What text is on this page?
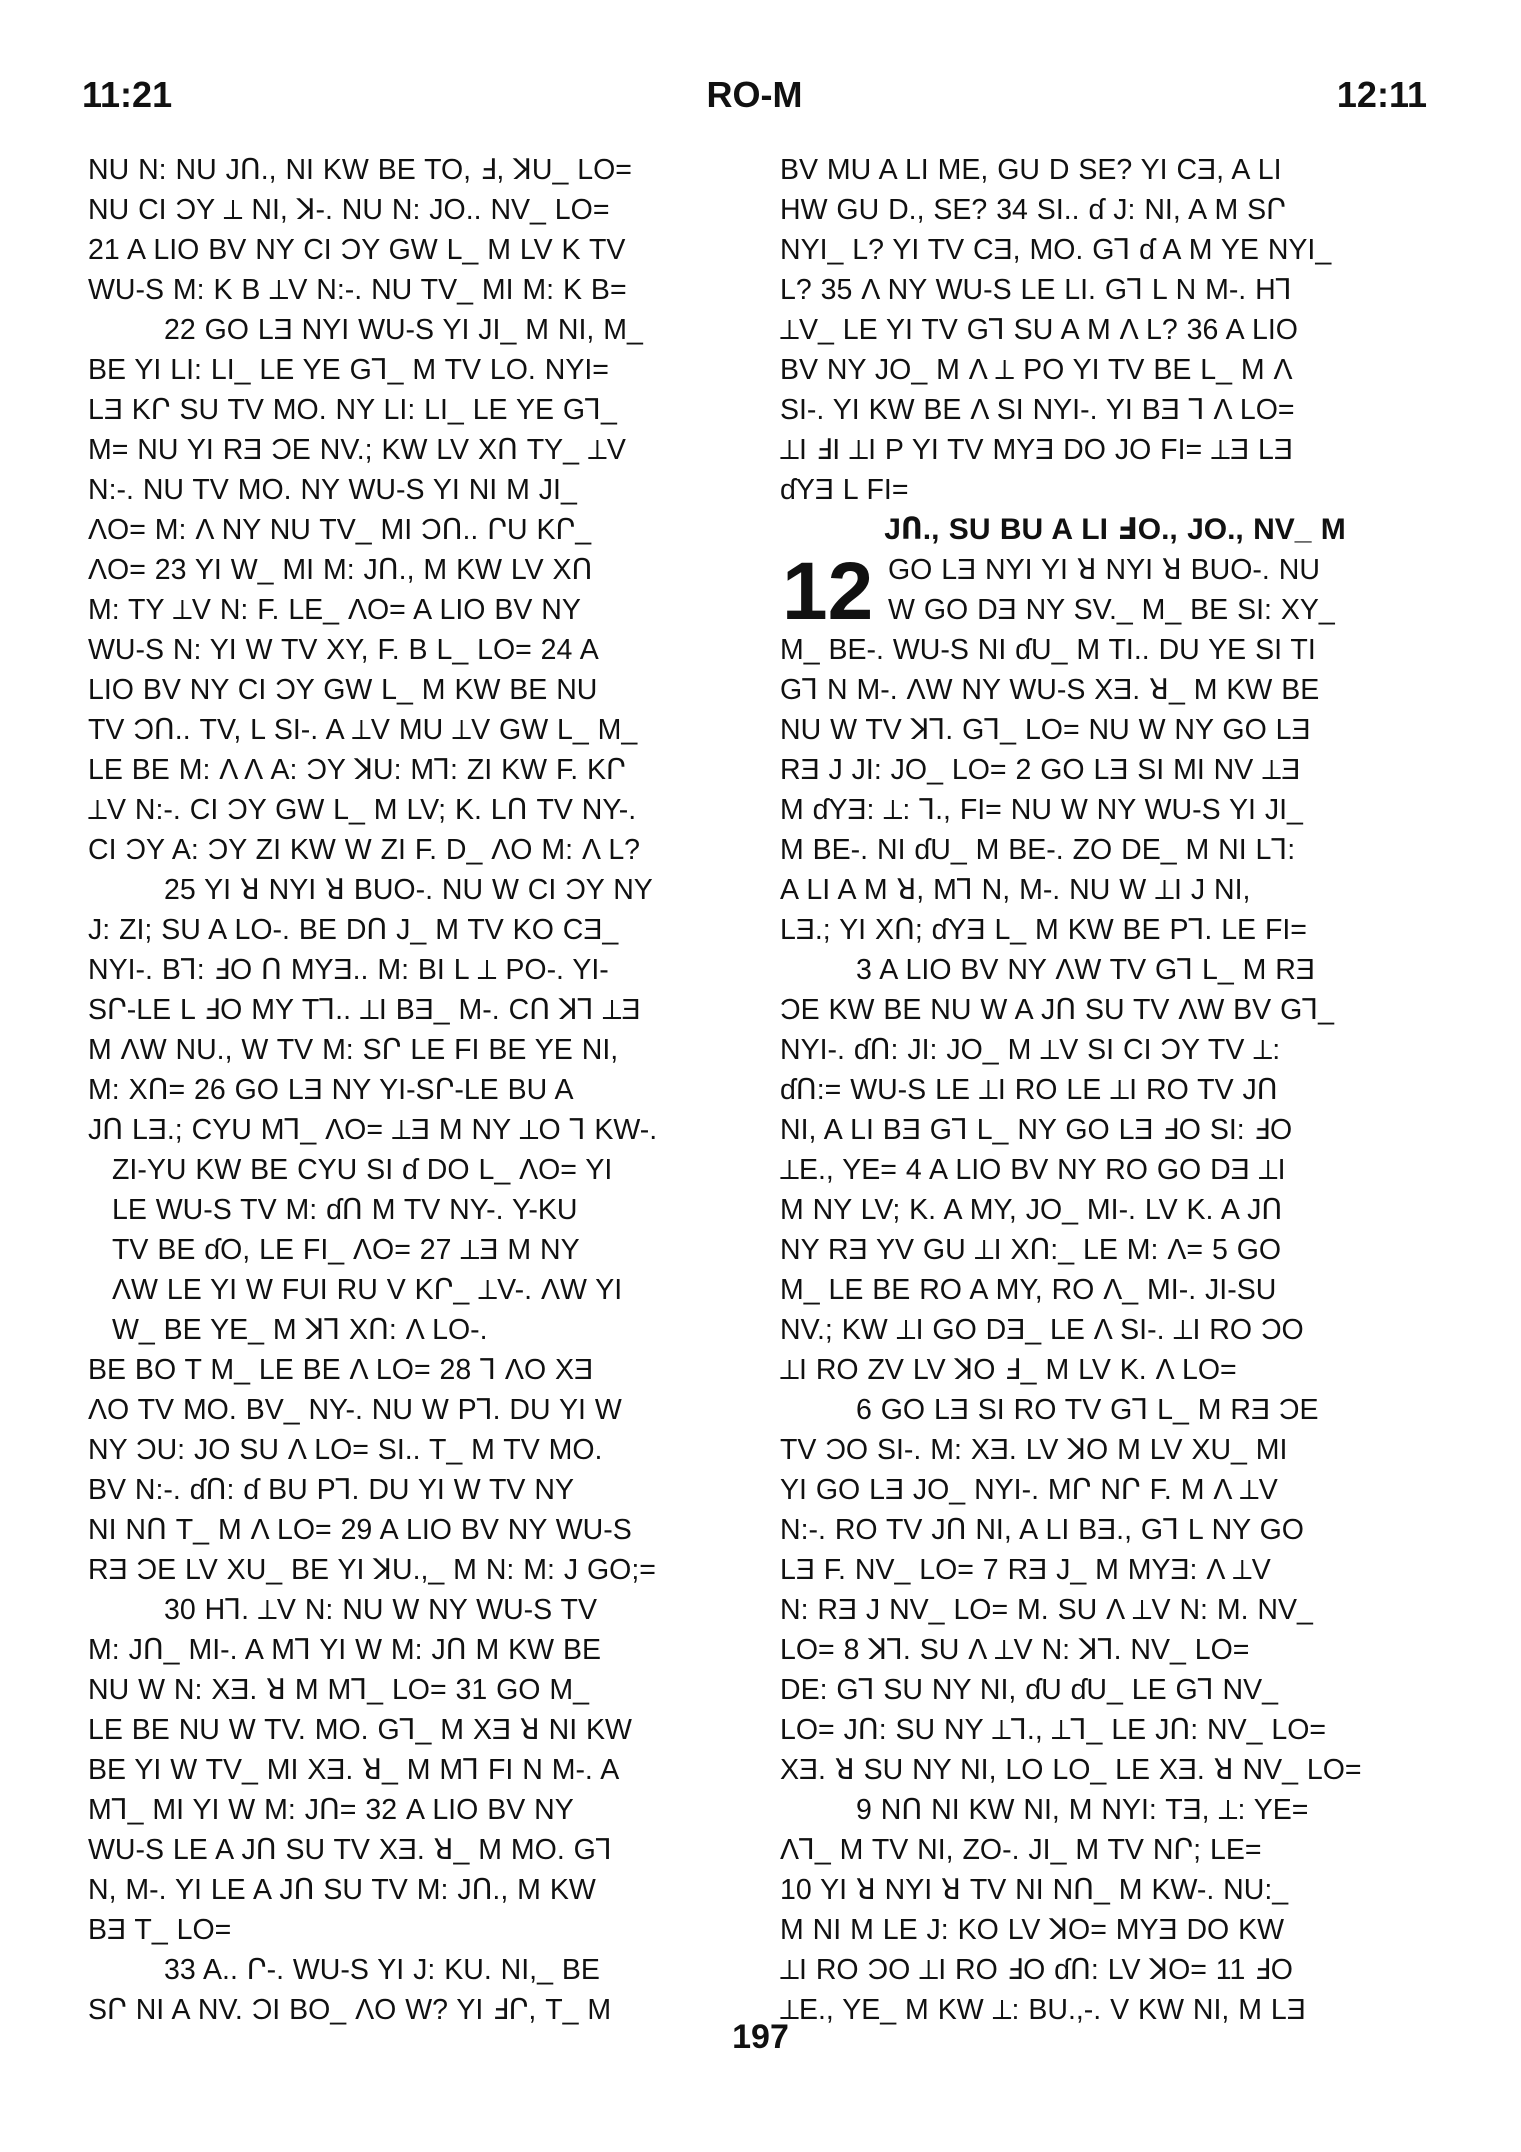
11:21	RO-M	12:11
NU N: NU JՈ., NI KW BE TO, Ⅎ, ꓘU_ LO=
NU CI ƆY ⟂ NI, ꓘ-. NU N: JO.. NV_ LO=
21 A LIO BV NY CI ƆY GW L_ M LV K TV
WU-S M: K B ⟂V N:-. NU TV_ MI M: K B=
22 GO LƎ NYI WU-S YI JI_ M NI, M_
BE YI LI: LI_ LE YE G⅂_ M TV LO. NYI=
LƎ KՐ SU TV MO. NY LI: LI_ LE YE G⅂_
M= NU YI RƎ ƆE NV.; KW LV XՈ TY_ ⟂V
N:-. NU TV MO. NY WU-S YI NI M JI_
ΛO= M: Λ NY NU TV_ MI ƆՈ.. ՐU KՐ_
ΛO= 23 YI W_ MI M: JՈ., M KW LV XՈ
M: TY ⟂V N: F. LE_ ΛO= A LIO BV NY
WU-S N: YI W TV XY, F. B L_ LO= 24 A
LIO BV NY CI ƆY GW L_ M KW BE NU
TV ƆՈ.. TV, L SI-. A ⟂V MU ⟂V GW L_ M_
LE BE M: Λ Λ A: ƆY ꓘU: M⅂: ZI KW F. KՐ
⟂V N:-. CI ƆY GW L_ M LV; K. LՈ TV NY-.
CI ƆY A: ƆY ZI KW W ZI F. D_ ΛO M: Λ L?
25 YI ꓤ NYI ꓤ BUO-. NU W CI ƆY NY
J: ZI; SU A LO-. BE DՈ J_ M TV KO CƎ_
NYI-. B⅂: ℲO Ո MYƎ.. M: BI L ⟂ PO-. YI-
SՐ-LE L ℲO MY T⅂.. ⟂I BƎ_ M-. CՈ ꓘ⅂ ⟂Ǝ
M ΛW NU., W TV M: SՐ LE FI BE YE NI,
M: XՈ= 26 GO LƎ NY YI-SՐ-LE BU A
JՈ LƎ.; CYU M⅂_ ΛO= ⟂Ǝ M NY ⟂O ⅂ KW-.
ZI-YU KW BE CYU SI ɗ DO L_ ΛO= YI
LE WU-S TV M: ɗՈ M TV NY-. Y-KU
TV BE ɗO, LE FI_ ΛO= 27 ⟂Ǝ M NY
ΛW LE YI W FUI RU V KՐ_ ⟂V-. ΛW YI
W_ BE YE_ M ꓘ⅂ XՈ: Λ LO-.
BE BO T M_ LE BE Λ LO= 28 ⅂ ΛO XƎ
ΛO TV MO. BV_ NY-. NU W P⅂. DU YI W
NY ƆU: JO SU Λ LO= SI.. T_ M TV MO.
BV N:-. ɗՈ: ɗ BU P⅂. DU YI W TV NY
NI NՈ T_ M Λ LO= 29 A LIO BV NY WU-S
RƎ ƆE LV XU_ BE YI ꓘU.,_ M N: M: J GO;=
30 H⅂. ⟂V N: NU W NY WU-S TV
M: JՈ_ MI-. A M⅂ YI W M: JՈ M KW BE
NU W N: XƎ. ꓤ M M⅂_ LO= 31 GO M_
LE BE NU W TV. MO. G⅂_ M XƎ ꓤ NI KW
BE YI W TV_ MI XƎ. ꓤ_ M M⅂ FI N M-. A
M⅂_ MI YI W M: JՈ= 32 A LIO BV NY
WU-S LE A JՈ SU TV XƎ. ꓤ_ M MO. G⅂
N, M-. YI LE A JՈ SU TV M: JՈ., M KW
BƎ T_ LO=
33 A.. Ր-. WU-S YI J: KU. NI,_ BE
SՐ NI A NV. ƆI BO_ ΛO W? YI ℲՐ, T_ M
BV MU A LI ME, GU D SE? YI CƎ, A LI
HW GU D., SE? 34 SI.. ɗ J: NI, A M SՐ
NYI_ L? YI TV CƎ, MO. G⅂ ɗ A M YE NYI_
L? 35 Λ NY WU-S LE LI. G⅂ L N M-. H⅂
⟂V_ LE YI TV G⅂ SU A M Λ L? 36 A LIO
BV NY JO_ M Λ ⟂ PO YI TV BE L_ M Λ
SI-. YI KW BE Λ SI NYI-. YI BƎ ⅂ Λ LO=
⟂I ℲI ⟂I P YI TV MYƎ DO JO FI= ⟂Ǝ LƎ
ɗYƎ L FI=
JՈ., SU BU A LI ℲO., JO., NV_ M
12 GO LƎ NYI YI ꓤ NYI ꓤ BUO-. NU
W GO DƎ NY SV._ M_ BE SI: XY_
M_ BE-. WU-S NI ɗU_ M TI.. DU YE SI TI
G⅂ N M-. ΛW NY WU-S XƎ. ꓤ_ M KW BE
NU W TV ꓘ⅂. G⅂_ LO= NU W NY GO LƎ
RƎ J JI: JO_ LO= 2 GO LƎ SI MI NV ⟂Ǝ
M ɗYƎ: ⟂: ⅂., FI= NU W NY WU-S YI JI_
M BE-. NI ɗU_ M BE-. ZO DE_ M NI L⅂:
A LI A M ꓤ, M⅂ N, M-. NU W ⟂I J NI,
LƎ.; YI XՈ; ɗYƎ L_ M KW BE P⅂. LE FI=
3 A LIO BV NY ΛW TV G⅂ L_ M RƎ
ƆE KW BE NU W A JՈ SU TV ΛW BV G⅂_
NYI-. ɗՈ: JI: JO_ M ⟂V SI CI ƆY TV ⟂:
ɗՈ:= WU-S LE ⟂I RO LE ⟂I RO TV JՈ
NI, A LI BƎ G⅂ L_ NY GO LƎ ℲO SI: ℲO
⟂E., YE= 4 A LIO BV NY RO GO DƎ ⟂I
M NY LV; K. A MY, JO_ MI-. LV K. A JՈ
NY RƎ YV GU ⟂I XՈ:_ LE M: Λ= 5 GO
M_ LE BE RO A MY, RO Λ_ MI-. JI-SU
NV.; KW ⟂I GO DƎ_ LE Λ SI-. ⟂I RO ƆO
⟂I RO ZV LV ꓘO Ⅎ_ M LV K. Λ LO=
6 GO LƎ SI RO TV G⅂ L_ M RƎ ƆE
TV ƆO SI-. M: XƎ. LV ꓘO M LV XU_ MI
YI GO LƎ JO_ NYI-. MՐ NՐ F. M Λ ⟂V
N:-. RO TV JՈ NI, A LI BƎ., G⅂ L NY GO
LƎ F. NV_ LO= 7 RƎ J_ M MYƎ: Λ ⟂V
N: RƎ J NV_ LO= M. SU Λ ⟂V N: M. NV_
LO= 8 ꓘ⅂. SU Λ ⟂V N: ꓘ⅂. NV_ LO=
DE: G⅂ SU NY NI, ɗU ɗU_ LE G⅂ NV_
LO= JՈ: SU NY ⟂⅂., ⟂⅂_ LE JՈ: NV_ LO=
XƎ. ꓤ SU NY NI, LO LO_ LE XƎ. ꓤ NV_ LO=
9 NՈ NI KW NI, M NYI: TƎ, ⟂: YE=
Λ⅂_ M TV NI, ZO-. JI_ M TV NՐ; LE=
10 YI ꓤ NYI ꓤ TV NI NՈ_ M KW-. NU:_
M NI M LE J: KO LV ꓘO= MYƎ DO KW
⟂I RO ƆO ⟂I RO ℲO ɗՈ: LV ꓘO= 11 ℲO
⟂E., YE_ M KW ⟂: BU.,-. V KW NI, M LƎ
197
